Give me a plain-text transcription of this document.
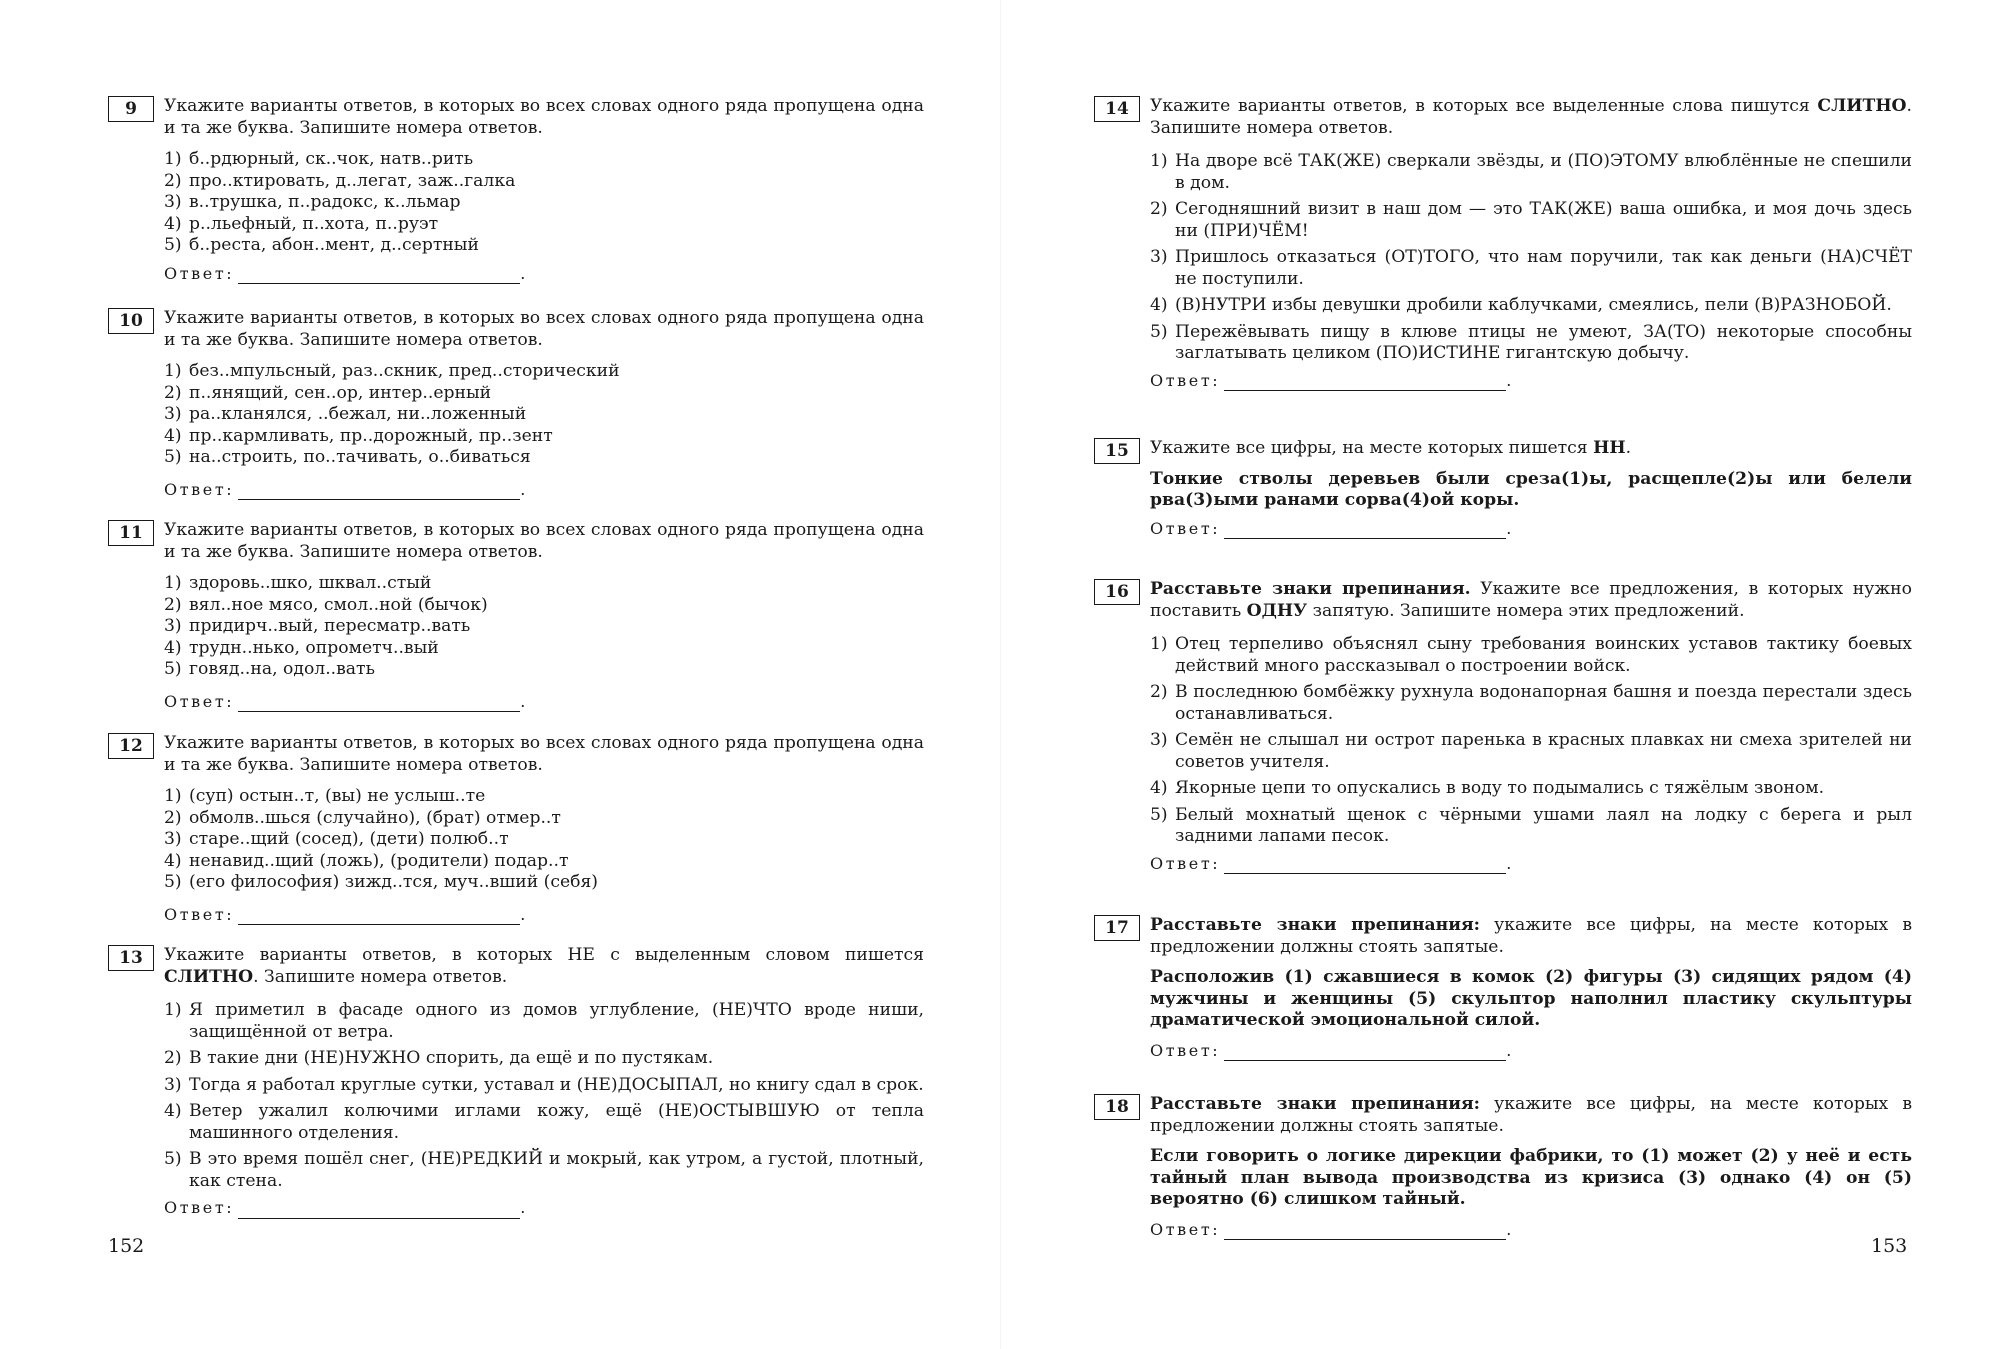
9	Укажите варианты ответов, в которых во всех словах одного ряда пропущена одна и та же буква. Запишите номера ответов.
1) б..рдюрный, ск..чок, натв..рить
2) про..ктировать, д..легат, заж..галка
3) в..трушка, п..радокс, к..льмар
4) р..льефный, п..хота, п..руэт
5) б..реста, абон..мент, д..сертный
Ответ:	.
10	Укажите варианты ответов, в которых во всех словах одного ряда пропущена одна и та же буква. Запишите номера ответов.
1) без..мпульсный, раз..скник, пред..сторический
2) п..янящий, сен..ор, интер..ерный
3) ра..кланялся, ..бежал, ни..ложенный
4) пр..кармливать, пр..дорожный, пр..зент
5) на..строить, по..тачивать, о..биваться
Ответ:	.
11	Укажите варианты ответов, в которых во всех словах одного ряда пропущена одна и та же буква. Запишите номера ответов.
1) здоровь..шко, шквал..стый
2) вял..ное мясо, смол..ной (бычок)
3) придирч..вый, пересматр..вать
4) трудн..нько, опрометч..вый
5) говяд..на, одол..вать
Ответ:	.
12	Укажите варианты ответов, в которых во всех словах одного ряда пропущена одна и та же буква. Запишите номера ответов.
1) (суп) остын..т, (вы) не услыш..те
2) обмолв..шься (случайно), (брат) отмер..т
3) старе..щий (сосед), (дети) полюб..т
4) ненавид..щий (ложь), (родители) подар..т
5) (его философия) зижд..тся, муч..вший (себя)
Ответ:	.
13	Укажите варианты ответов, в которых НЕ с выделенным словом пишется СЛИТНО. Запишите номера ответов.
1) Я приметил в фасаде одного из домов углубление, (НЕ)ЧТО вроде ниши, защищённой от ветра.
2) В такие дни (НЕ)НУЖНО спорить, да ещё и по пустякам.
3) Тогда я работал круглые сутки, уставал и (НЕ)ДОСЫПАЛ, но книгу сдал в срок.
4) Ветер ужалил колючими иглами кожу, ещё (НЕ)ОСТЫВШУЮ от тепла машинного отделения.
5) В это время пошёл снег, (НЕ)РЕДКИЙ и мокрый, как утром, а густой, плотный, как стена.
Ответ:	.
152
14	Укажите варианты ответов, в которых все выделенные слова пишутся СЛИТНО. Запишите номера ответов.
1) На дворе всё ТАК(ЖЕ) сверкали звёзды, и (ПО)ЭТОМУ влюблённые не спешили в дом.
2) Сегодняшний визит в наш дом — это ТАК(ЖЕ) ваша ошибка, и моя дочь здесь ни (ПРИ)ЧЁМ!
3) Пришлось отказаться (ОТ)ТОГО, что нам поручили, так как деньги (НА)СЧЁТ не поступили.
4) (В)НУТРИ избы девушки дробили каблучками, смеялись, пели (В)РАЗНОБОЙ.
5) Пережёвывать пищу в клюве птицы не умеют, ЗА(ТО) некоторые способны заглатывать целиком (ПО)ИСТИНЕ гигантскую добычу.
Ответ:	.
15	Укажите все цифры, на месте которых пишется НН.
Тонкие стволы деревьев были среза(1)ы, расщепле(2)ы или белели рва(3)ыми ранами сорва(4)ой коры.
Ответ:	.
16	Расставьте знаки препинания. Укажите все предложения, в которых нужно поставить ОДНУ запятую. Запишите номера этих предложений.
1) Отец терпеливо объяснял сыну требования воинских уставов тактику боевых действий много рассказывал о построении войск.
2) В последнюю бомбёжку рухнула водонапорная башня и поезда перестали здесь останавливаться.
3) Семён не слышал ни острот паренька в красных плавках ни смеха зрителей ни советов учителя.
4) Якорные цепи то опускались в воду то подымались с тяжёлым звоном.
5) Белый мохнатый щенок с чёрными ушами лаял на лодку с берега и рыл задними лапами песок.
Ответ:	.
17	Расставьте знаки препинания: укажите все цифры, на месте которых в предложении должны стоять запятые.
Расположив (1) сжавшиеся в комок (2) фигуры (3) сидящих рядом (4) мужчины и женщины (5) скульптор наполнил пластику скульптуры драматической эмоциональной силой.
Ответ:	.
18	Расставьте знаки препинания: укажите все цифры, на месте которых в предложении должны стоять запятые.
Если говорить о логике дирекции фабрики, то (1) может (2) у неё и есть тайный план вывода производства из кризиса (3) однако (4) он (5) вероятно (6) слишком тайный.
Ответ:	.
153
